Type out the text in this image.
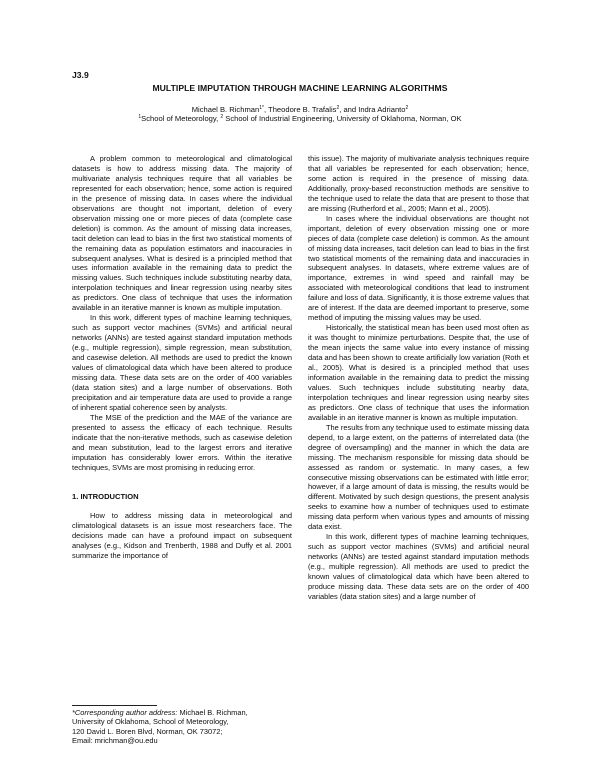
J3.9
MULTIPLE IMPUTATION THROUGH MACHINE LEARNING ALGORITHMS
Michael B. Richman$^{1*}$, Theodore B. Trafalis$^2$, and Indra Adrianto$^2$
$^1$School of Meteorology, $^2$ School of Industrial Engineering, University of Oklahoma, Norman, OK

A problem common to meteorological and climatological datasets is how to address missing data. The majority of multivariate analysis techniques require that all variables be represented for each observation; hence, some action is required in the presence of missing data. In cases where the individual observations are thought not important, deletion of every observation missing one or more pieces of data (complete case deletion) is common. As the amount of missing data increases, tacit deletion can lead to bias in the first two statistical moments of the remaining data as population estimators and inaccuracies in subsequent analyses. What is desired is a principled method that uses information available in the remaining data to predict the missing values. Such techniques include substituting nearby data, interpolation techniques and linear regression using nearby sites as predictors. One class of technique that uses the information available in an iterative manner is known as multiple imputation.

In this work, different types of machine learning techniques, such as support vector machines (SVMs) and artificial neural networks (ANNs) are tested against standard imputation methods (e.g., multiple regression), simple regression, mean substitution, and casewise deletion. All methods are used to predict the known values of climatological data which have been altered to produce missing data. These data sets are on the order of 400 variables (data station sites) and a large number of observations. Both precipitation and air temperature data are used to provide a range of inherent spatial coherence seen by analysts.

The MSE of the prediction and the MAE of the variance are presented to assess the efficacy of each technique. Results indicate that the non-iterative methods, such as casewise deletion and mean substitution, lead to the largest errors and iterative imputation has considerably lower errors. Within the iterative techniques, SVMs are most promising in reducing error.

1. INTRODUCTION

How to address missing data in meteorological and climatological datasets is an issue most researchers face. The decisions made can have a profound impact on subsequent analyses (e.g., Kidson and Trenberth, 1988 and Duffy et al. 2001 summarize the importance of

this issue). The majority of multivariate analysis techniques require that all variables be represented for each observation; hence, some action is required in the presence of missing data. Additionally, proxy-based reconstruction methods are sensitive to the technique used to relate the data that are present to those that are missing (Rutherford et al., 2005; Mann et al., 2005).

In cases where the individual observations are thought not important, deletion of every observation missing one or more pieces of data (complete case deletion) is common. As the amount of missing data increases, tacit deletion can lead to bias in the first two statistical moments of the remaining data and inaccuracies in subsequent analyses. In datasets, where extreme values are of importance, extremes in wind speed and rainfall may be associated with meteorological conditions that lead to instrument failure and loss of data. Significantly, it is those extreme values that are of interest. If the data are deemed important to preserve, some method of imputing the missing values may be used.

Historically, the statistical mean has been used most often as it was thought to minimize perturbations. Despite that, the use of the mean injects the same value into every instance of missing data and has been shown to create artificially low variation (Roth et al., 2005). What is desired is a principled method that uses information available in the remaining data to predict the missing values. Such techniques include substituting nearby data, interpolation techniques and linear regression using nearby sites as predictors. One class of technique that uses the information available in an iterative manner is known as multiple imputation.

The results from any technique used to estimate missing data depend, to a large extent, on the patterns of interrelated data (the degree of oversampling) and the manner in which the data are missing. The mechanism responsible for missing data should be assessed as random or systematic. In many cases, a few consecutive missing observations can be estimated with little error; however, if a large amount of data is missing, the results would be different. Motivated by such design questions, the present analysis seeks to examine how a number of techniques used to estimate missing data perform when various types and amounts of missing data exist.

In this work, different types of machine learning techniques, such as support vector machines (SVMs) and artificial neural networks (ANNs) are tested against standard imputation methods (e.g., multiple regression). All methods are used to predict the known values of climatological data which have been altered to produce missing data. These data sets are on the order of 400 variables (data station sites) and a large number of

*Corresponding author address: Michael B. Richman,
University of Oklahoma, School of Meteorology,
120 David L. Boren Blvd, Norman, OK 73072;
Email: mrichman@ou.edu
